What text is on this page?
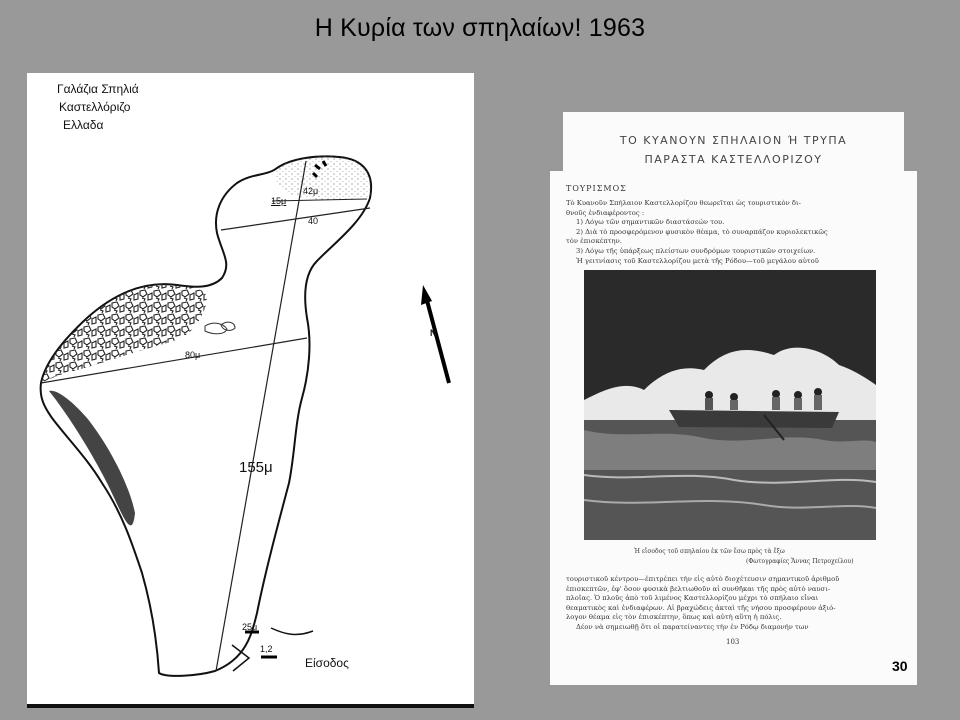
Η Κυρία των σπηλαίων! 1963
Γαλάζια Σπηλιά
Καστελλόριζο
Ελλαδα
15μ
42μ
40
80μ
155μ
25μ
1,2
Είσοδος
N
ΤΟ ΚΥΑΝΟΥΝ ΣΠΗΛΑΙΟΝ Ή ΤΡΥΠΑ
ΠΑΡΑΣΤΑ ΚΑΣΤΕΛΛΟΡΙΖΟΥ
ΤΟΥΡΙΣΜΟΣ
Τὸ Κυανοῦν Σπήλαιον Καστελλορίζου θεωρεῖται ὡς τουριστικὸν δι-
θνοῦς ἐνδιαφέροντος :
1) Λόγω τῶν σημαντικῶν διαστάσεών του.
2) Διὰ τὸ προσφερόμενον φυσικὸν θέαμα, τὸ συναρπάζον κυριολεκτικῶς
τὸν ἐπισκέπτην.
3) Λόγω τῆς ὑπάρξεως πλείστων συνδρόμων τουριστικῶν στοιχείων.
Ἡ γειτνίασις τοῦ Καστελλορίζου μετὰ τῆς Ρόδου—τοῦ μεγάλου αὐτοῦ
Ἡ εἴσοδος τοῦ σπηλαίου ἐκ τῶν ἔσω πρὸς τὰ ἔξω
(Φωτογραφίες Ἄννας Πετροχείλου)
τουριστικοῦ κέντρου—ἐπιτρέπει τὴν εἰς αὐτὸ διοχέτευσιν σημαντικοῦ ἀριθμοῦ
ἐπισκεπτῶν, ἐφ' ὅσον φυσικὰ βελτιωθοῦν αἱ συνθῆκαι τῆς πρὸς αὐτὸ ναυσι-
πλοΐας. Ὁ πλοῦς ἀπὸ τοῦ λιμένος Καστελλορίζου μέχρι τὸ σπήλαιο εἶναι
θεαματικὸς καὶ ἐνδιαφέρων. Αἱ βραχώδεις ἀκταὶ τῆς νήσου προσφέρουν ἀξιό-
λογον θέαμα εἰς τὸν ἐπισκέπτην, ὅπως καὶ αὐτὴ αὕτη ἡ πόλις.
Δέον νὰ σημειωθῇ ὅτι οἱ παρατείναντες τὴν ἐν Ρόδῳ διαμονήν των
103
30
